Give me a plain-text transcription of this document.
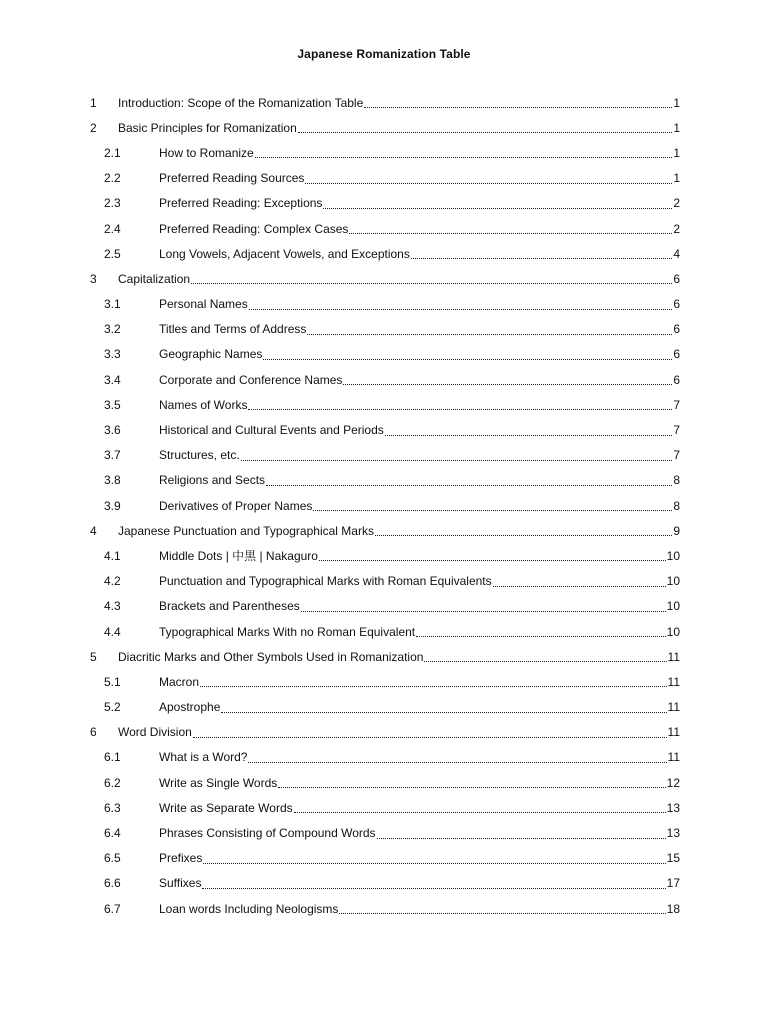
Japanese Romanization Table
1	Introduction: Scope of the Romanization Table	1
2	Basic Principles for Romanization	1
2.1	How to Romanize	1
2.2	Preferred Reading Sources	1
2.3	Preferred Reading: Exceptions	2
2.4	Preferred Reading: Complex Cases	2
2.5	Long Vowels, Adjacent Vowels, and Exceptions	4
3	Capitalization	6
3.1	Personal Names	6
3.2	Titles and Terms of Address	6
3.3	Geographic Names	6
3.4	Corporate and Conference Names	6
3.5	Names of Works	7
3.6	Historical and Cultural Events and Periods	7
3.7	Structures, etc.	7
3.8	Religions and Sects	8
3.9	Derivatives of Proper Names	8
4	Japanese Punctuation and Typographical Marks	9
4.1	Middle Dots | 中黒 | Nakaguro	10
4.2	Punctuation and Typographical Marks with Roman Equivalents	10
4.3	Brackets and Parentheses	10
4.4	Typographical Marks With no Roman Equivalent	10
5	Diacritic Marks and Other Symbols Used in Romanization	11
5.1	Macron	11
5.2	Apostrophe	11
6	Word Division	11
6.1	What is a Word?	11
6.2	Write as Single Words	12
6.3	Write as Separate Words	13
6.4	Phrases Consisting of Compound Words	13
6.5	Prefixes	15
6.6	Suffixes	17
6.7	Loan words Including Neologisms	18
